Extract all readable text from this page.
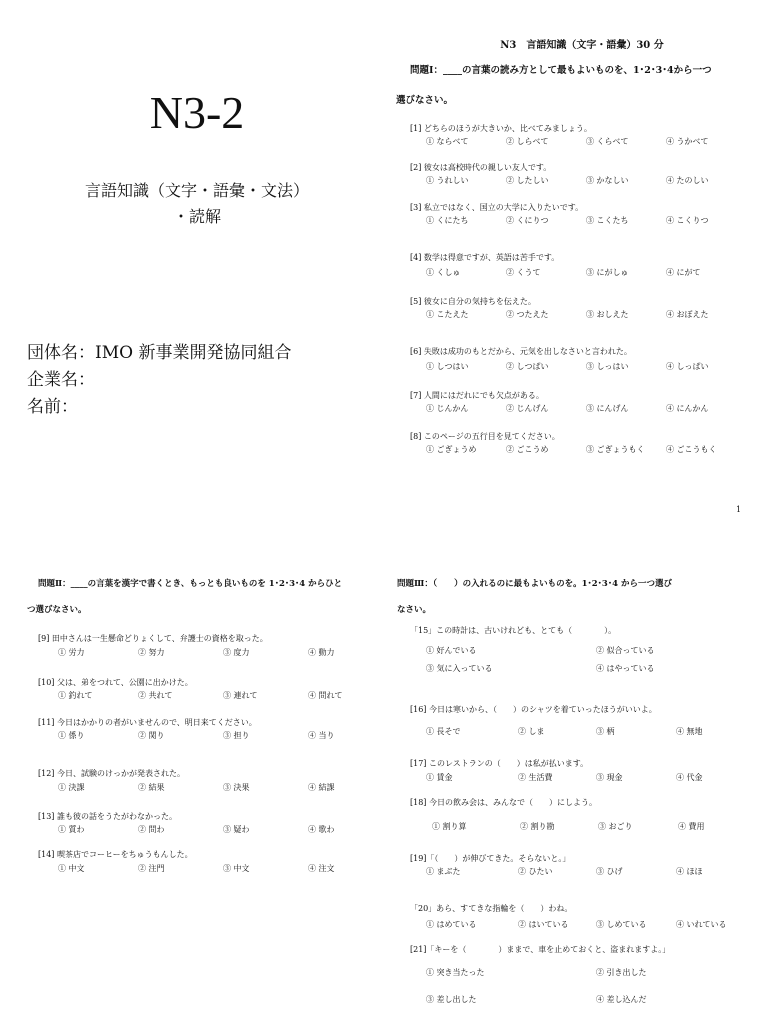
N3-2
言語知識（文字・語彙・文法）
・読解
団体名：IMO 新事業開発協同組合
企業名：
名前：
N3　言語知識（文字・語彙）30 分
問題Ⅰ：____の言葉の読み方として最もよいものを、1･2･3･4から一つ
選びなさい。
[1] どちらのほうが大きいか、比べてみましょう。
① ならべて	② しらべて	③ くらべて	④ うかべて
[2] 彼女は高校時代の親しい友人です。
① うれしい	② したしい	③ かなしい	④ たのしい
[3] 私立ではなく、国立の大学に入りたいです。
① くにたち	② くにりつ	③ こくたち	④ こくりつ
[4] 数学は得意ですが、英語は苦手です。
① くしゅ	② くうて	③ にがしゅ	④ にがて
[5] 彼女に自分の気持ちを伝えた。
① こたえた	② つたえた	③ おしえた	④ おぼえた
[6] 失敗は成功のもとだから、元気を出しなさいと言われた。
① しつはい	② しつぱい	③ しっはい	④ しっぱい
[7] 人間にはだれにでも欠点がある。
① じんかん	② じんげん	③ にんげん	④ にんかん
[8] このページの五行目を見てください。
① ごぎょうめ	② ごこうめ	③ ごぎょうもく	④ ごこうもく
1
問題Ⅱ：____の言葉を漢字で書くとき、もっとも良いものを 1･2･3･4 からひと
つ選びなさい。
[9] 田中さんは一生懸命どりょくして、弁護士の資格を取った。
① 労力	② 努力	③ 度力	④ 動力
[10] 父は、弟をつれて、公園に出かけた。
① 釣れて	② 共れて	③ 連れて	④ 問れて
[11] 今日はかかりの者がいませんので、明日来てください。
① 係り	② 関り	③ 担り	④ 当り
[12] 今日、試験のけっかが発表された。
① 決課	② 結果	③ 決果	④ 結課
[13] 誰も彼の話をうたがわなかった。
① 質わ	② 問わ	③ 疑わ	④ 歌わ
[14] 喫茶店でコーヒーをちゅうもんした。
① 中文	② 注門	③ 中文	④ 注文
問題Ⅲ：（　　）の入れるのに最もよいものを。1･2･3･4 から一つ選び
なさい。
「15」この時計は、古いけれども、とても（　　　　）。
① 好んでいる	② 似合っている
③ 気に入っている	④ はやっている
[16] 今日は寒いから、（　　）のシャツを着ていったほうがいいよ。
① 長そで	② しま	③ 柄	④ 無地
[17] このレストランの（　　）は私が払います。
① 賃金	② 生活費	③ 現金	④ 代金
[18] 今日の飲み会は、みんなで（　　）にしよう。
① 割り算	② 割り勘	③ おごり	④ 費用
[19]「（　　）が伸びてきた。そらないと。」
① まぶた	② ひたい	③ ひげ	④ ほほ
「20」あら、すてきな指輪を（　　）わね。
① はめている	② はいている	③ しめている	④ いれている
[21]「キーを（　　　　）ままで、車を止めておくと、盗まれますよ。」
① 突き当たった	② 引き出した
③ 差し出した	④ 差し込んだ
